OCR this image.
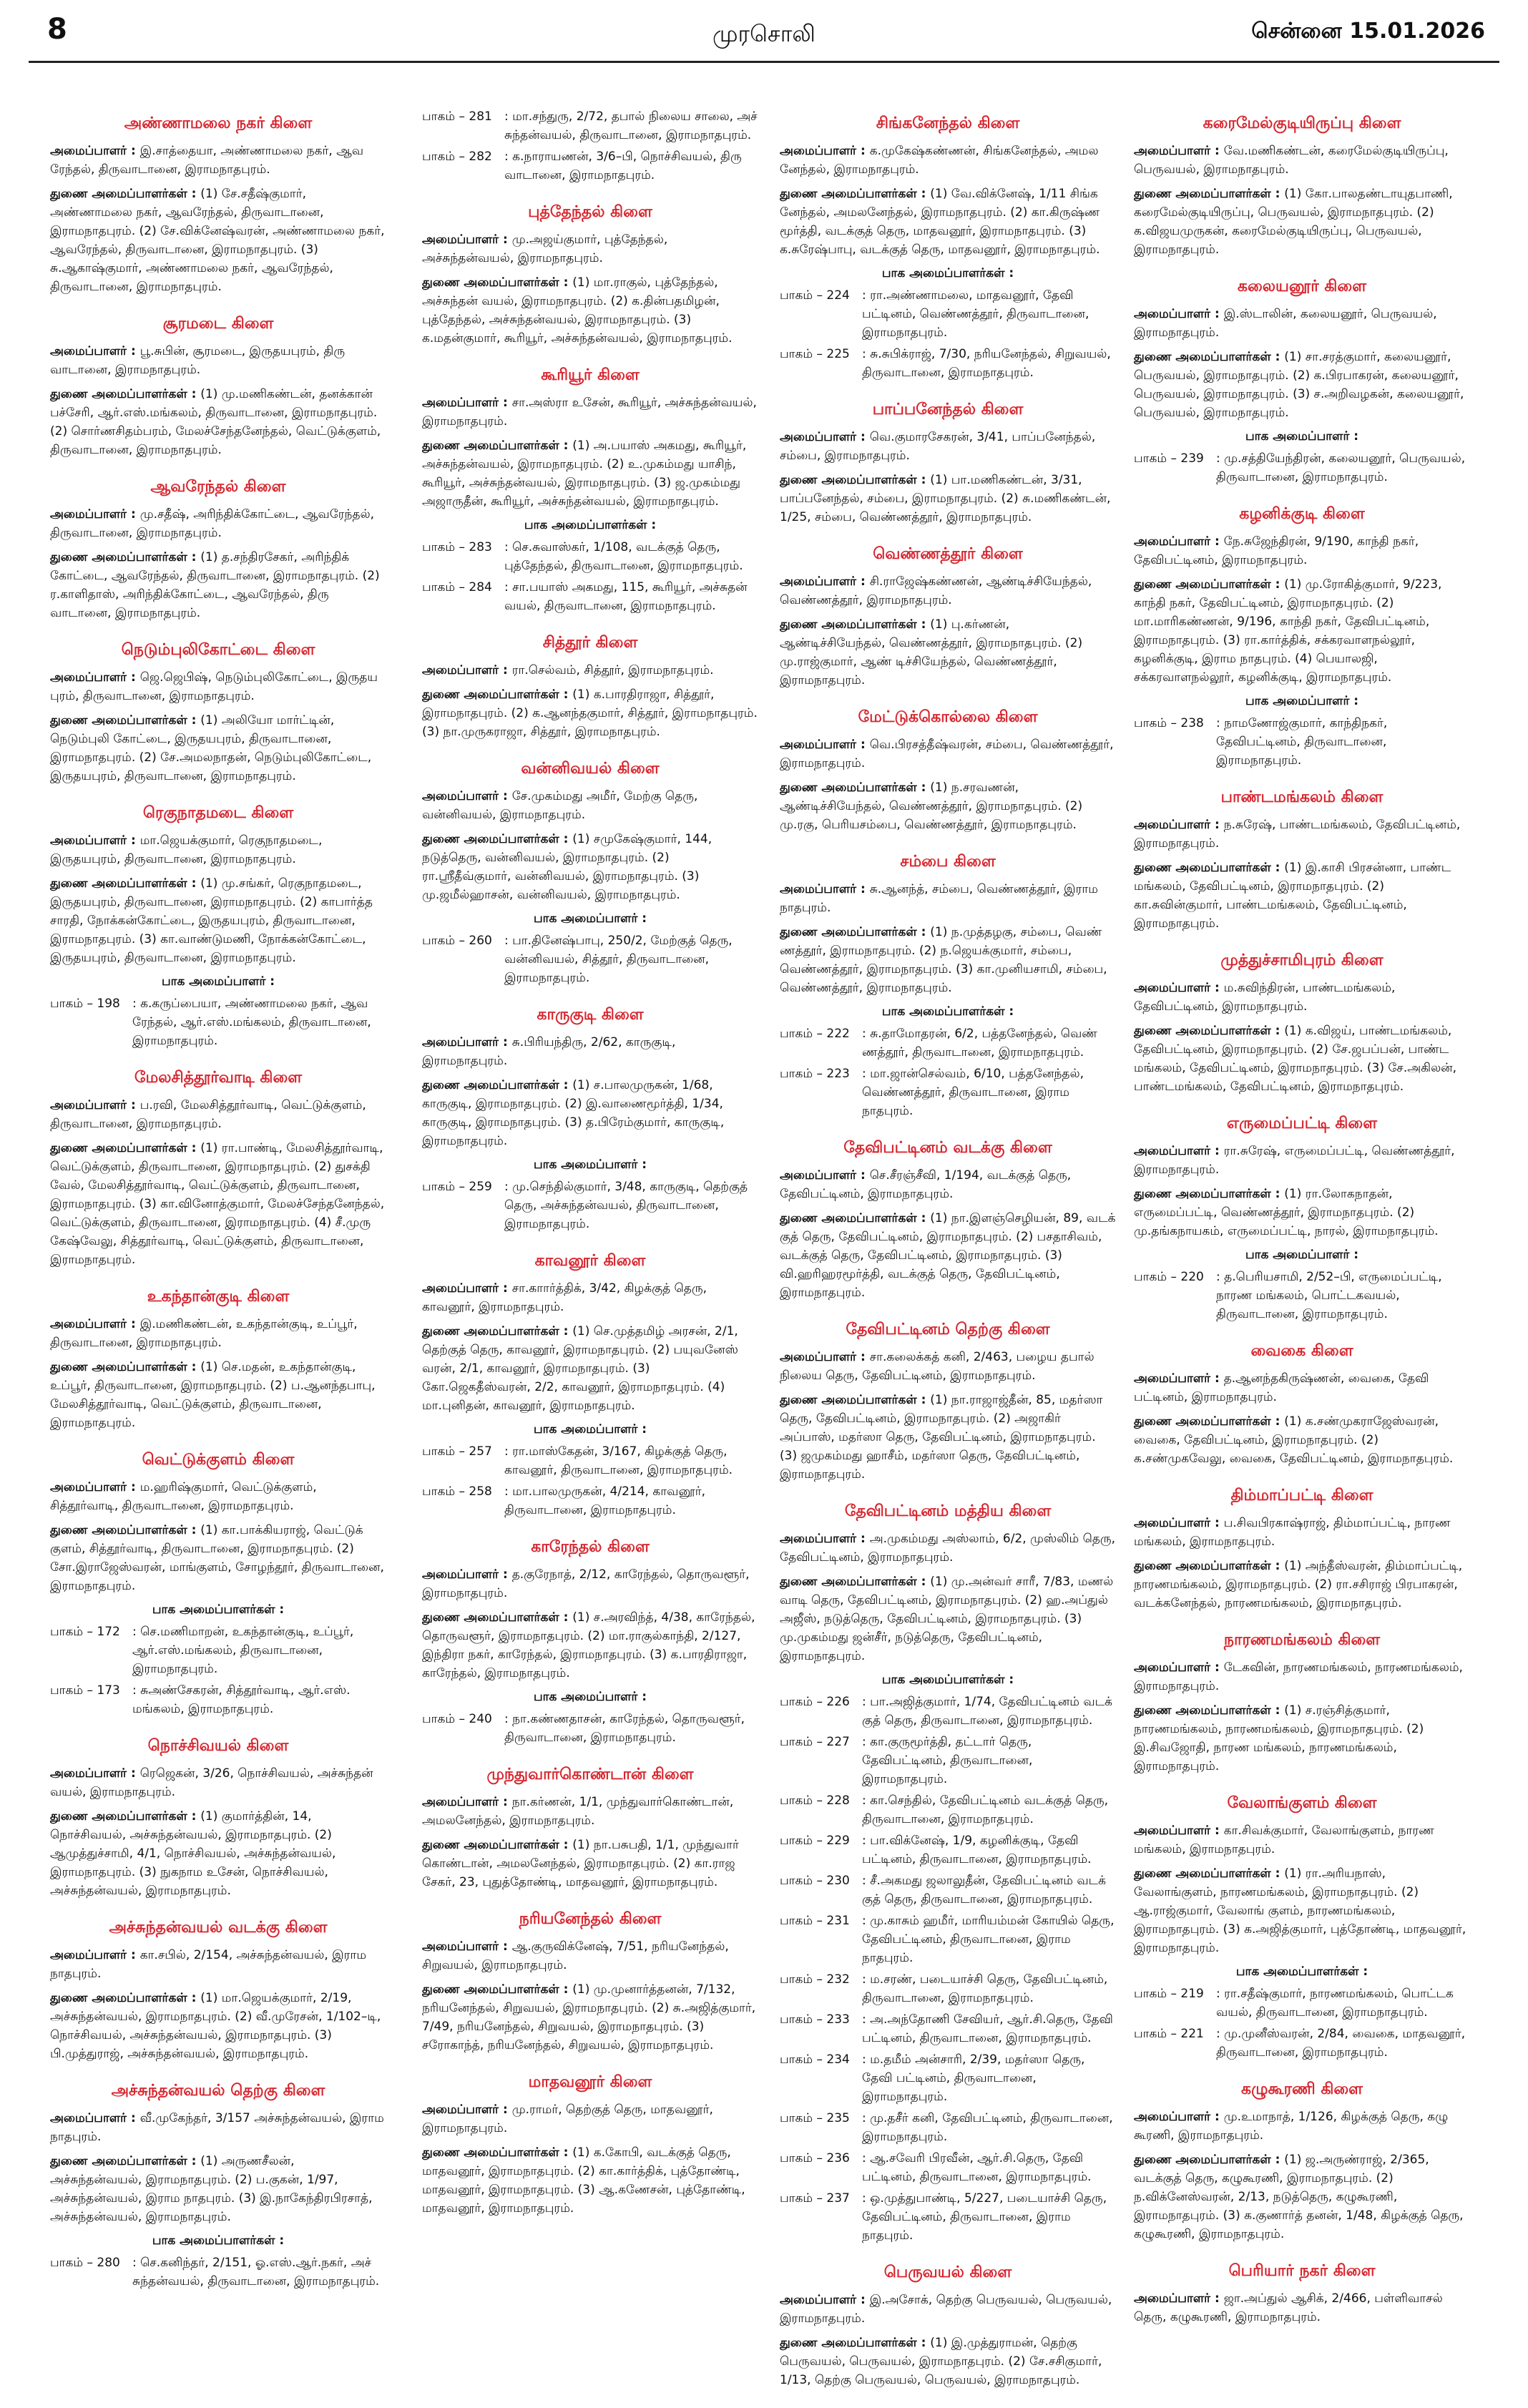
8	முரசொலி	சென்னை 15.01.2026
அண்ணாமலை நகர் கிளை
அமைப்பாளர் : இ.சாத்தையா, அண்ணாமலை நகர், ஆவ ரேந்தல், திருவாடானை, இராமநாதபுரம்.
துணை அமைப்பாளர்கள் : (1) சே.சதீஷ்குமார், அண்ணாமலை நகர், ஆவரேந்தல், திருவாடானை, இராமநாதபுரம். (2) சே.விக்னேஷ்வரன், அண்ணாமலை நகர், ஆவரேந்தல், திருவாடானை, இராமநாதபுரம். (3) சு.ஆகாஷ்குமார், அண்ணாமலை நகர், ஆவரேந்தல், திருவாடானை, இராமநாதபுரம்.
சூரமடை கிளை
அமைப்பாளர் : பூ.சுபின், சூரமடை, இருதயபுரம், திரு வாடானை, இராமநாதபுரம்.
துணை அமைப்பாளர்கள் : (1) மு.மணிகண்டன், தனக்கான் பச்சேரி, ஆர்.எஸ்.மங்கலம், திருவாடானை, இராமநாதபுரம். (2) சொர்ணசிதம்பரம், மேலச்சேந்தனேந்தல், வெட்டுக்குளம், திருவாடானை, இராமநாதபுரம்.
ஆவரேந்தல் கிளை
அமைப்பாளர் : மு.சதீஷ், அரிந்திக்கோட்டை, ஆவரேந்தல், திருவாடானை, இராமநாதபுரம்.
துணை அமைப்பாளர்கள் : (1) த.சந்திரசேகர், அரிந்திக் கோட்டை, ஆவரேந்தல், திருவாடானை, இராமநாதபுரம். (2) ர.காளிதாஸ், அரிந்திக்கோட்டை, ஆவரேந்தல், திரு வாடானை, இராமநாதபுரம்.
நெடும்புலிகோட்டை கிளை
அமைப்பாளர் : ஜெ.ஜெபிஷ், நெடும்புலிகோட்டை, இருதய புரம், திருவாடானை, இராமநாதபுரம்.
துணை அமைப்பாளர்கள் : (1) அலியோ மார்ட்டின், நெடும்புலி கோட்டை, இருதயபுரம், திருவாடானை, இராமநாதபுரம். (2) சே.அமலநாதன், நெடும்புலிகோட்டை, இருதயபுரம், திருவாடானை, இராமநாதபுரம்.
ரெகுநாதமடை கிளை
அமைப்பாளர் : மா.ஜெயக்குமார், ரெகுநாதமடை, இருதயபுரம், திருவாடானை, இராமநாதபுரம்.
துணை அமைப்பாளர்கள் : (1) மு.சங்கர், ரெகுநாதமடை, இருதயபுரம், திருவாடானை, இராமநாதபுரம். (2) காபார்த்த சாரதி, நோக்கன்கோட்டை, இருதயபுரம், திருவாடானை, இராமநாதபுரம். (3) கா.வாண்டுமணி, நோக்கன்கோட்டை, இருதயபுரம், திருவாடானை, இராமநாதபுரம்.
பாக அமைப்பாளர் :
பாகம் – 198	: க.கருப்பையா, அண்ணாமலை நகர், ஆவ ரேந்தல், ஆர்.எஸ்.மங்கலம், திருவாடானை, இராமநாதபுரம்.
மேலசித்தூர்வாடி கிளை
அமைப்பாளர் : ப.ரவி, மேலசித்தூர்வாடி, வெட்டுக்குளம், திருவாடானை, இராமநாதபுரம்.
துணை அமைப்பாளர்கள் : (1) ரா.பாண்டி, மேலசித்தூர்வாடி, வெட்டுக்குளம், திருவாடானை, இராமநாதபுரம். (2) துசக்தி வேல், மேலசித்தூர்வாடி, வெட்டுக்குளம், திருவாடானை, இராமநாதபுரம். (3) கா.வினோத்குமார், மேலச்சேந்தனேந்தல், வெட்டுக்குளம், திருவாடானை, இராமநாதபுரம். (4) சீ.முரு கேஷ்வேலு, சித்தூர்வாடி, வெட்டுக்குளம், திருவாடானை, இராமநாதபுரம்.
உகந்தான்குடி கிளை
அமைப்பாளர் : இ.மணிகண்டன், உகந்தான்குடி, உப்பூர், திருவாடானை, இராமநாதபுரம்.
துணை அமைப்பாளர்கள் : (1) செ.மதன், உகந்தான்குடி, உப்பூர், திருவாடானை, இராமநாதபுரம். (2) ப.ஆனந்தபாபு, மேலசித்தூர்வாடி, வெட்டுக்குளம், திருவாடானை, இராமநாதபுரம்.
வெட்டுக்குளம் கிளை
அமைப்பாளர் : ம.ஹரிஷ்குமார், வெட்டுக்குளம், சித்தூர்வாடி, திருவாடானை, இராமநாதபுரம்.
துணை அமைப்பாளர்கள் : (1) கா.பாக்கியராஜ், வெட்டுக் குளம், சித்தூர்வாடி, திருவாடானை, இராமநாதபுரம். (2) சோ.இராஜேஸ்வரன், மாங்குளம், சோழந்தூர், திருவாடானை, இராமநாதபுரம்.
பாக அமைப்பாளர்கள் :
பாகம் – 172	: செ.மணிமாறன், உகந்தான்குடி, உப்பூர், ஆர்.எஸ்.மங்கலம், திருவாடானை, இராமநாதபுரம்.
பாகம் – 173	: சுஅண்சேகரன், சித்தூர்வாடி, ஆர்.எஸ். மங்கலம், இராமநாதபுரம்.
நொச்சிவயல் கிளை
அமைப்பாளர் : ரெஜெகன், 3/26, நொச்சிவயல், அச்சுந்தன் வயல், இராமநாதபுரம்.
துணை அமைப்பாளர்கள் : (1) குமார்த்தின், 14, நொச்சிவயல், அச்சுந்தன்வயல், இராமநாதபுரம். (2) ஆமுத்துச்சாமி, 4/1, நொச்சிவயல், அச்சுந்தன்வயல், இராமநாதபுரம். (3) நுகநாம உசேன், நொச்சிவயல், அச்சுந்தன்வயல், இராமநாதபுரம்.
அச்சுந்தன்வயல் வடக்கு கிளை
அமைப்பாளர் : கா.சபில், 2/154, அச்சுந்தன்வயல், இராம நாதபுரம்.
துணை அமைப்பாளர்கள் : (1) மா.ஜெயக்குமார், 2/19, அச்சுந்தன்வயல், இராமநாதபுரம். (2) வீ.முரேசன், 1/102–டி, நொச்சிவயல், அச்சுந்தன்வயல், இராமநாதபுரம். (3) பி.முத்துராஜ், அச்சுந்தன்வயல், இராமநாதபுரம்.
அச்சுந்தன்வயல் தெற்கு கிளை
அமைப்பாளர் : வீ.முகேந்தர், 3/157 அச்சுந்தன்வயல், இராம நாதபுரம்.
துணை அமைப்பாளர்கள் : (1) அருணசீலன், அச்சுந்தன்வயல், இராமநாதபுரம். (2) ப.குகன், 1/97, அச்சுந்தன்வயல், இராம நாதபுரம். (3) இ.நாகேந்திரபிரசாத், அச்சுந்தன்வயல், இராமநாதபுரம்.
பாக அமைப்பாளர்கள் :
பாகம் – 280	: செ.கனிந்தர், 2/151, ஓ.எஸ்.ஆர்.நகர், அச் சுந்தன்வயல், திருவாடானை, இராமநாதபுரம்.
பாகம் – 281	: மா.சந்துரு, 2/72, தபால் நிலைய சாலை, அச் சுந்தன்வயல், திருவாடானை, இராமநாதபுரம்.
பாகம் – 282	: க.நாராயணன், 3/6–பி, நொச்சிவயல், திரு வாடானை, இராமநாதபுரம்.
புத்தேந்தல் கிளை
அமைப்பாளர் : மு.அஜய்குமார், புத்தேந்தல், அச்சுந்தன்வயல், இராமநாதபுரம்.
துணை அமைப்பாளர்கள் : (1) மா.ராகுல், புத்தேந்தல், அச்சுந்தன் வயல், இராமநாதபுரம். (2) க.தின்பதமிழன், புத்தேந்தல், அச்சுந்தன்வயல், இராமநாதபுரம். (3) க.மதன்குமார், கூரியூர், அச்சுந்தன்வயல், இராமநாதபுரம்.
கூரியூர் கிளை
அமைப்பாளர் : சா.அஸ்ரா உசேன், கூரியூர், அச்சுந்தன்வயல், இராமநாதபுரம்.
துணை அமைப்பாளர்கள் : (1) அ.பயாஸ் அகமது, கூரியூர், அச்சுந்தன்வயல், இராமநாதபுரம். (2) உ.முகம்மது யாசிந், கூரியூர், அச்சுந்தன்வயல், இராமநாதபுரம். (3) ஜ.முகம்மது அஜாருதீன், கூரியூர், அச்சுந்தன்வயல், இராமநாதபுரம்.
பாக அமைப்பாளர்கள் :
பாகம் – 283	: செ.சுவாஸ்கர், 1/108, வடக்குத் தெரு, புத்தேந்தல், திருவாடானை, இராமநாதபுரம்.
பாகம் – 284	: சா.பயாஸ் அகமது, 115, கூரியூர், அச்சுதன் வயல், திருவாடானை, இராமநாதபுரம்.
சித்தூர் கிளை
அமைப்பாளர் : ரா.செல்வம், சித்தூர், இராமநாதபுரம்.
துணை அமைப்பாளர்கள் : (1) க.பாரதிராஜா, சித்தூர், இராமநாதபுரம். (2) க.ஆனந்தகுமார், சித்தூர், இராமநாதபுரம். (3) நா.முருகராஜா, சித்தூர், இராமநாதபுரம்.
வன்னிவயல் கிளை
அமைப்பாளர் : சே.முகம்மது அமீர், மேற்கு தெரு, வன்னிவயல், இராமநாதபுரம்.
துணை அமைப்பாளர்கள் : (1) சமுகேஷ்குமார், 144, நடுத்தெரு, வன்னிவயல், இராமநாதபுரம். (2) ரா.ஸ்ரீதீவ்குமார், வன்னிவயல், இராமநாதபுரம். (3) மு.ஜமீல்ஹாசன், வன்னிவயல், இராமநாதபுரம்.
பாக அமைப்பாளர் :
பாகம் – 260	: பா.தினேஷ்பாபு, 250/2, மேற்குத் தெரு, வன்னிவயல், சித்தூர், திருவாடானை, இராமநாதபுரம்.
காருகுடி கிளை
அமைப்பாளர் : சு.பிரியந்திரு, 2/62, காருகுடி, இராமநாதபுரம்.
துணை அமைப்பாளர்கள் : (1) ச.பாலமுருகன், 1/68, காருகுடி, இராமநாதபுரம். (2) இ.வாணைமூர்த்தி, 1/34, காருகுடி, இராமநாதபுரம். (3) த.பிரேம்குமார், காருகுடி, இராமநாதபுரம்.
பாக அமைப்பாளர் :
பாகம் – 259	: மு.செந்தில்குமார், 3/48, காருகுடி, தெற்குத் தெரு, அச்சுந்தன்வயல், திருவாடானை, இராமநாதபுரம்.
காவனூர் கிளை
அமைப்பாளர் : சா.காார்த்திக், 3/42, கிழக்குத் தெரு, காவனூர், இராமநாதபுரம்.
துணை அமைப்பாளர்கள் : (1) செ.முத்தமிழ் அரசன், 2/1, தெற்குத் தெரு, காவனூர், இராமநாதபுரம். (2) பயுவனேஸ் வரன், 2/1, காவனூர், இராமநாதபுரம். (3) கோ.ஜெகதீஸ்வரன், 2/2, காவனூர், இராமநாதபுரம். (4) மா.புனிதன், காவனூர், இராமநாதபுரம்.
பாக அமைப்பாளர் :
பாகம் – 257	: ரா.மாஸ்கேதன், 3/167, கிழக்குத் தெரு, காவனூர், திருவாடானை, இராமநாதபுரம்.
பாகம் – 258	: மா.பாலமுருகன், 4/214, காவனூர், திருவாடானை, இராமநாதபுரம்.
காரேந்தல் கிளை
அமைப்பாளர் : த.குரேநாத், 2/12, காரேந்தல், தொருவளூர், இராமநாதபுரம்.
துணை அமைப்பாளர்கள் : (1) ச.அரவிந்த், 4/38, காரேந்தல், தொருவளூர், இராமநாதபுரம். (2) மா.ராகுல்காந்தி, 2/127, இந்திரா நகர், காரேந்தல், இராமநாதபுரம். (3) க.பாரதிராஜா, காரேந்தல், இராமநாதபுரம்.
பாக அமைப்பாளர் :
பாகம் – 240	: நா.கண்ணதாசன், காரேந்தல், தொருவளூர், திருவாடானை, இராமநாதபுரம்.
முந்துவார்கொண்டான் கிளை
அமைப்பாளர் : நா.கர்ணன், 1/1, முந்துவார்கொண்டான், அமலனேந்தல், இராமநாதபுரம்.
துணை அமைப்பாளர்கள் : (1) நா.பசுபதி, 1/1, முந்துவார் கொண்டான், அமலனேந்தல், இராமநாதபுரம். (2) கா.ராஜ சேகர், 23, புதுத்தோண்டி, மாதவனூர், இராமநாதபுரம்.
நரியனேந்தல் கிளை
அமைப்பாளர் : ஆ.குருவிக்னேஷ், 7/51, நரியனேந்தல், சிறுவயல், இராமநாதபுரம்.
துணை அமைப்பாளர்கள் : (1) மு.முனார்த்தனன், 7/132, நரியனேந்தல், சிறுவயல், இராமநாதபுரம். (2) சு.அஜித்குமார், 7/49, நரியனேந்தல், சிறுவயல், இராமநாதபுரம். (3) சரோகாந்த், நரியனேந்தல், சிறுவயல், இராமநாதபுரம்.
மாதவனூர் கிளை
அமைப்பாளர் : மு.ராமர், தெற்குத் தெரு, மாதவனூர், இராமநாதபுரம்.
துணை அமைப்பாளர்கள் : (1) க.கோபி, வடக்குத் தெரு, மாதவனூர், இராமநாதபுரம். (2) கா.கார்த்திக், புத்தோண்டி, மாதவனூர், இராமநாதபுரம். (3) ஆ.கணேசன், புத்தோண்டி, மாதவனூர், இராமநாதபுரம்.
சிங்கனேந்தல் கிளை
அமைப்பாளர் : க.முகேஷ்கண்ணன், சிங்கனேந்தல், அமல னேந்தல், இராமநாதபுரம்.
துணை அமைப்பாளர்கள் : (1) வே.விக்னேஷ், 1/11 சிங்க னேந்தல், அமலனேந்தல், இராமநாதபுரம். (2) கா.கிருஷ்ண மூர்த்தி, வடக்குத் தெரு, மாதவனூர், இராமநாதபுரம். (3) க.சுரேஷ்பாபு, வடக்குத் தெரு, மாதவனூர், இராமநாதபுரம்.
பாக அமைப்பாளர்கள் :
பாகம் – 224	: ரா.அண்ணாமலை, மாதவனூர், தேவி பட்டினம், வெண்ணத்தூர், திருவாடானை, இராமநாதபுரம்.
பாகம் – 225	: சு.சுபிக்ராஜ், 7/30, நரியனேந்தல், சிறுவயல், திருவாடானை, இராமநாதபுரம்.
பாப்பனேந்தல் கிளை
அமைப்பாளர் : வெ.குமாரசேகரன், 3/41, பாப்பனேந்தல், சம்பை, இராமநாதபுரம்.
துணை அமைப்பாளர்கள் : (1) பா.மணிகண்டன், 3/31, பாப்பனேந்தல், சம்பை, இராமநாதபுரம். (2) சு.மணிகண்டன், 1/25, சம்பை, வெண்ணத்தூர், இராமநாதபுரம்.
வெண்ணத்தூர் கிளை
அமைப்பாளர் : சி.ராஜேஷ்கண்ணன், ஆண்டிச்சியேந்தல், வெண்ணத்தூர், இராமநாதபுரம்.
துணை அமைப்பாளர்கள் : (1) பு.கர்ணன், ஆண்டிச்சியேந்தல், வெண்ணத்தூர், இராமநாதபுரம். (2) மு.ராஜ்குமார், ஆண் டிச்சியேந்தல், வெண்ணத்தூர், இராமநாதபுரம்.
மேட்டுக்கொல்லை கிளை
அமைப்பாளர் : வெ.பிரசத்தீஷ்வரன், சம்பை, வெண்ணத்தூர், இராமநாதபுரம்.
துணை அமைப்பாளர்கள் : (1) ந.சரவணன், ஆண்டிச்சியேந்தல், வெண்ணத்தூர், இராமநாதபுரம். (2) மு.ரகு, பெரியசம்பை, வெண்ணத்தூர், இராமநாதபுரம்.
சம்பை கிளை
அமைப்பாளர் : சு.ஆனந்த், சம்பை, வெண்ணத்தூர், இராம நாதபுரம்.
துணை அமைப்பாளர்கள் : (1) ந.முத்தழகு, சம்பை, வெண் ணத்தூர், இராமநாதபுரம். (2) ந.ஜெயக்குமார், சம்பை, வெண்ணத்தூர், இராமநாதபுரம். (3) கா.முனியசாமி, சம்பை, வெண்ணத்தூர், இராமநாதபுரம்.
பாக அமைப்பாளர்கள் :
பாகம் – 222	: சு.தாமோதரன், 6/2, பத்தனேந்தல், வெண் ணத்தூர், திருவாடானை, இராமநாதபுரம்.
பாகம் – 223	: மா.ஜான்செல்வம், 6/10, பத்தனேந்தல், வெண்ணத்தூர், திருவாடானை, இராம நாதபுரம்.
தேவிபட்டினம் வடக்கு கிளை
அமைப்பாளர் : செ.சீரஞ்சீவி, 1/194, வடக்குத் தெரு, தேவிபட்டினம், இராமநாதபுரம்.
துணை அமைப்பாளர்கள் : (1) நா.இளஞ்செழியன், 89, வடக் குத் தெரு, தேவிபட்டினம், இராமநாதபுரம். (2) பசதாசிவம், வடக்குத் தெரு, தேவிபட்டினம், இராமநாதபுரம். (3) வி.ஹரிஹரமூர்த்தி, வடக்குத் தெரு, தேவிபட்டினம், இராமநாதபுரம்.
தேவிபட்டினம் தெற்கு கிளை
அமைப்பாளர் : சா.கலைக்கத் கனி, 2/463, பழைய தபால் நிலைய தெரு, தேவிபட்டினம், இராமநாதபுரம்.
துணை அமைப்பாளர்கள் : (1) நா.ராஜாஜ்தீன், 85, மதர்ஸா தெரு, தேவிபட்டினம், இராமநாதபுரம். (2) அஜாகிர் அப்பாஸ், மதர்ஸா தெரு, தேவிபட்டினம், இராமநாதபுரம். (3) ஜமுகம்மது ஹாசீம், மதர்ஸா தெரு, தேவிபட்டினம், இராமநாதபுரம்.
தேவிபட்டினம் மத்திய கிளை
அமைப்பாளர் : அ.முகம்மது அஸ்லாம், 6/2, முஸ்லிம் தெரு, தேவிபட்டினம், இராமநாதபுரம்.
துணை அமைப்பாளர்கள் : (1) மு.அன்வர் சாரீ, 7/83, மணல் வாடி தெரு, தேவிபட்டினம், இராமநாதபுரம். (2) ஹ.அப்துல் அஜீஸ், நடுத்தெரு, தேவிபட்டினம், இராமநாதபுரம். (3) மு.முகம்மது ஜன்சீர், நடுத்தெரு, தேவிபட்டினம், இராமநாதபுரம்.
பாக அமைப்பாளர்கள் :
பாகம் – 226	: பா.அஜித்குமார், 1/74, தேவிபட்டினம் வடக் குத் தெரு, திருவாடானை, இராமநாதபுரம்.
பாகம் – 227	: கா.குருமூர்த்தி, தட்டார் தெரு, தேவிபட்டினம், திருவாடானை, இராமநாதபுரம்.
பாகம் – 228	: கா.செந்தில், தேவிபட்டினம் வடக்குத் தெரு, திருவாடானை, இராமநாதபுரம்.
பாகம் – 229	: பா.விக்னேஷ், 1/9, கழனிக்குடி, தேவி பட்டினம், திருவாடானை, இராமநாதபுரம்.
பாகம் – 230	: சீ.அகமது ஜலாலுதீன், தேவிபட்டினம் வடக் குத் தெரு, திருவாடானை, இராமநாதபுரம்.
பாகம் – 231	: மு.காசும் ஹமீர், மாரியம்மன் கோயில் தெரு, தேவிபட்டினம், திருவாடானை, இராம நாதபுரம்.
பாகம் – 232	: ம.சரண், படையாச்சி தெரு, தேவிபட்டினம், திருவாடானை, இராமநாதபுரம்.
பாகம் – 233	: அ.அந்தோணி சேவியர், ஆர்.சி.தெரு, தேவி பட்டினம், திருவாடானை, இராமநாதபுரம்.
பாகம் – 234	: ம.தமீம் அன்சாரி, 2/39, மதர்ஸா தெரு, தேவி பட்டினம், திருவாடானை, இராமநாதபுரம்.
பாகம் – 235	: மு.தசீர் கனி, தேவிபட்டினம், திருவாடானை, இராமநாதபுரம்.
பாகம் – 236	: ஆ.சவேரி பிரவீன், ஆர்.சி.தெரு, தேவி பட்டினம், திருவாடானை, இராமநாதபுரம்.
பாகம் – 237	: ஒ.முத்துபாண்டி, 5/227, படையாச்சி தெரு, தேவிபட்டினம், திருவாடானை, இராம நாதபுரம்.
பெருவயல் கிளை
அமைப்பாளர் : இ.அசோக், தெற்கு பெருவயல், பெருவயல், இராமநாதபுரம்.
துணை அமைப்பாளர்கள் : (1) இ.முத்துராமன், தெற்கு பெருவயல், பெருவயல், இராமநாதபுரம். (2) சே.சசிகுமார், 1/13, தெற்கு பெருவயல், பெருவயல், இராமநாதபுரம்.
கரைமேல்குடியிருப்பு கிளை
அமைப்பாளர் : வே.மணிகண்டன், கரைமேல்குடியிருப்பு, பெருவயல், இராமநாதபுரம்.
துணை அமைப்பாளர்கள் : (1) கோ.பாலதண்டாயுதபாணி, கரைமேல்குடியிருப்பு, பெருவயல், இராமநாதபுரம். (2) க.விஜயமுருகன், கரைமேல்குடியிருப்பு, பெருவயல், இராமநாதபுரம்.
கலையனூர் கிளை
அமைப்பாளர் : இ.ஸ்டாலின், கலையனூர், பெருவயல், இராமநாதபுரம்.
துணை அமைப்பாளர்கள் : (1) சா.சரத்குமார், கலையனூர், பெருவயல், இராமநாதபுரம். (2) க.பிரபாகரன், கலையனூர், பெருவயல், இராமநாதபுரம். (3) ச.அறிவழகன், கலையனூர், பெருவயல், இராமநாதபுரம்.
பாக அமைப்பாளர் :
பாகம் – 239	: மு.சத்தியேந்திரன், கலையனூர், பெருவயல், திருவாடானை, இராமநாதபுரம்.
கழனிக்குடி கிளை
அமைப்பாளர் : நே.சுஜேந்திரன், 9/190, காந்தி நகர், தேவிபட்டினம், இராமநாதபுரம்.
துணை அமைப்பாளர்கள் : (1) மு.ரோகித்குமார், 9/223, காந்தி நகர், தேவிபட்டினம், இராமநாதபுரம். (2) மா.மாரிகண்ணன், 9/196, காந்தி நகர், தேவிபட்டினம், இராமநாதபுரம். (3) ரா.கார்த்திக், சக்கரவாளநல்லூர், கழனிக்குடி, இராம நாதபுரம். (4) பெயாலஜி, சக்கரவாளநல்லூர், கழனிக்குடி, இராமநாதபுரம்.
பாக அமைப்பாளர் :
பாகம் – 238	: நாமணோஜ்குமார், காந்திநகர், தேவிபட்டினம், திருவாடானை, இராமநாதபுரம்.
பாண்டமங்கலம் கிளை
அமைப்பாளர் : ந.சுரேஷ், பாண்டமங்கலம், தேவிபட்டினம், இராமநாதபுரம்.
துணை அமைப்பாளர்கள் : (1) இ.காசி பிரசன்னா, பாண்ட மங்கலம், தேவிபட்டினம், இராமநாதபுரம். (2) கா.சுவின்குமார், பாண்டமங்கலம், தேவிபட்டினம், இராமநாதபுரம்.
முத்துச்சாமிபுரம் கிளை
அமைப்பாளர் : ம.சுவிந்திரன், பாண்டமங்கலம், தேவிபட்டினம், இராமநாதபுரம்.
துணை அமைப்பாளர்கள் : (1) க.விஜய், பாண்டமங்கலம், தேவிபட்டினம், இராமநாதபுரம். (2) சே.ஜபப்பன், பாண்ட மங்கலம், தேவிபட்டினம், இராமநாதபுரம். (3) சே.அகிலன், பாண்டமங்கலம், தேவிபட்டினம், இராமநாதபுரம்.
எருமைப்பட்டி கிளை
அமைப்பாளர் : ரா.சுரேஷ், எருமைப்பட்டி, வெண்ணத்தூர், இராமநாதபுரம்.
துணை அமைப்பாளர்கள் : (1) ரா.லோகநாதன், எருமைப்பட்டி, வெண்ணத்தூர், இராமநாதபுரம். (2) மு.தங்கநாயகம், எருமைப்பட்டி, நாரல், இராமநாதபுரம்.
பாக அமைப்பாளர் :
பாகம் – 220	: த.பெரியசாமி, 2/52–பி, எருமைப்பட்டி, நாரண மங்கலம், பொட்டகவயல், திருவாடானை, இராமநாதபுரம்.
வைகை கிளை
அமைப்பாளர் : த.ஆனந்தகிருஷ்ணன், வைகை, தேவி பட்டினம், இராமநாதபுரம்.
துணை அமைப்பாளர்கள் : (1) க.சண்முகராஜேஸ்வரன், வைகை, தேவிபட்டினம், இராமநாதபுரம். (2) க.சண்முகவேலு, வைகை, தேவிபட்டினம், இராமநாதபுரம்.
திம்மாப்பட்டி கிளை
அமைப்பாளர் : ப.சிவபிரகாஷ்ராஜ், திம்மாப்பட்டி, நாரண மங்கலம், இராமநாதபுரம்.
துணை அமைப்பாளர்கள் : (1) அந்தீஸ்வரன், திம்மாப்பட்டி, நாரணமங்கலம், இராமநாதபுரம். (2) ரா.சசிராஜ் பிரபாகரன், வடக்கனேந்தல், நாரணமங்கலம், இராமநாதபுரம்.
நாரணமங்கலம் கிளை
அமைப்பாளர் : டேகவின், நாரணமங்கலம், நாரணமங்கலம், இராமநாதபுரம்.
துணை அமைப்பாளர்கள் : (1) ச.ரஞ்சித்குமார், நாரணமங்கலம், நாரணமங்கலம், இராமநாதபுரம். (2) இ.சிவஜோதி, நாரண மங்கலம், நாரணமங்கலம், இராமநாதபுரம்.
வேலாங்குளம் கிளை
அமைப்பாளர் : கா.சிவக்குமார், வேலாங்குளம், நாரண மங்கலம், இராமநாதபுரம்.
துணை அமைப்பாளர்கள் : (1) ரா.அரியநாஸ், வேலாங்குளம், நாரணமங்கலம், இராமநாதபுரம். (2) ஆ.ராஜ்குமார், வேலாங் குளம், நாரணமங்கலம், இராமநாதபுரம். (3) க.அஜித்குமார், புத்தோண்டி, மாதவனூர், இராமநாதபுரம்.
பாக அமைப்பாளர்கள் :
பாகம் – 219	: ரா.சதீஷ்குமார், நாரணமங்கலம், பொட்டக வயல், திருவாடானை, இராமநாதபுரம்.
பாகம் – 221	: மு.முனீஸ்வரன், 2/84, வைகை, மாதவனூர், திருவாடானை, இராமநாதபுரம்.
கழுகூரணி கிளை
அமைப்பாளர் : மு.உமாநாத், 1/126, கிழக்குத் தெரு, கழு கூரணி, இராமநாதபுரம்.
துணை அமைப்பாளர்கள் : (1) ஜ.அருண்ராஜ், 2/365, வடக்குத் தெரு, கழுகூரணி, இராமநாதபுரம். (2) ந.விக்னேஸ்வரன், 2/13, நடுத்தெரு, கழுகூரணி, இராமநாதபுரம். (3) க.குணார்த் தனன், 1/48, கிழக்குத் தெரு, கழுகூரணி, இராமநாதபுரம்.
பெரியார் நகர் கிளை
அமைப்பாளர் : ஜா.அப்துல் ஆசிக், 2/466, பள்ளிவாசல் தெரு, கழுகூரணி, இராமநாதபுரம்.
